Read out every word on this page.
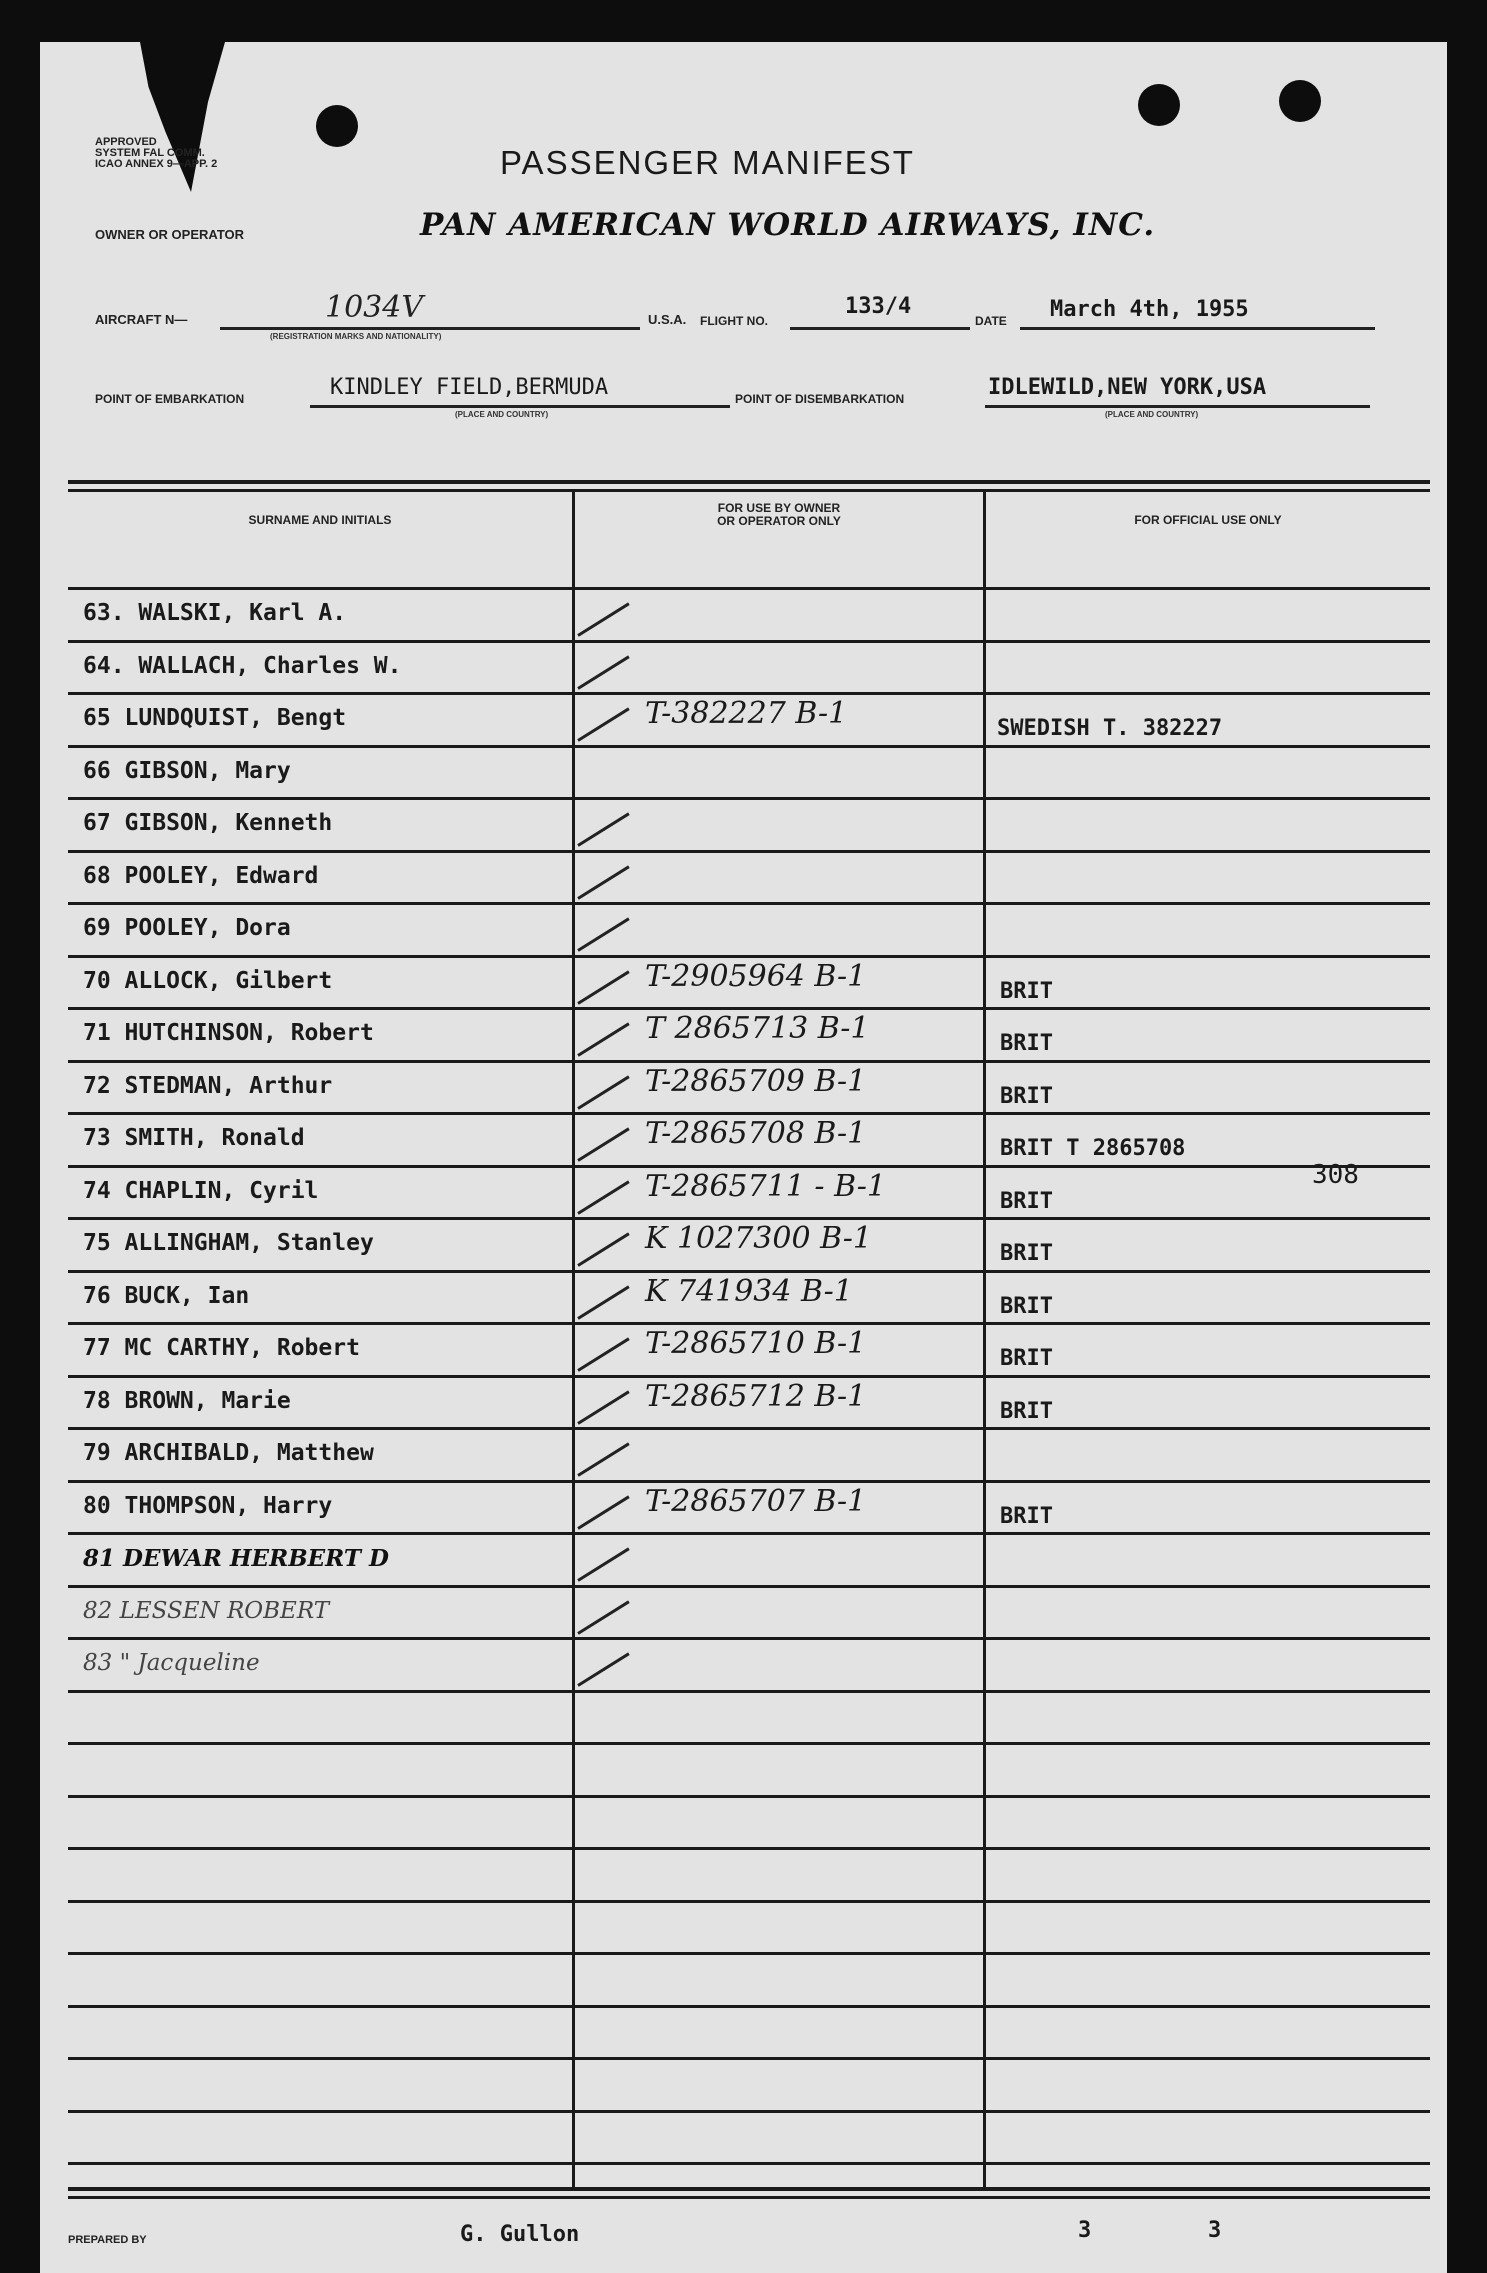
APPROVED
SYSTEM FAL COMM.
ICAO ANNEX 9—APP. 2	PASSENGER MANIFEST
OWNER OR OPERATOR	PAN AMERICAN WORLD AIRWAYS, INC.
AIRCRAFT N—	1034V
(REGISTRATION MARKS AND NATIONALITY)
U.S.A. FLIGHT NO.
133/4
DATE March 4th, 1955
POINT OF EMBARKATION	KINDLEY FIELD,BERMUDA
(PLACE AND COUNTRY)
POINT OF DISEMBARKATION	IDLEWILD,NEW YORK,USA
(PLACE AND COUNTRY)
SURNAME AND INITIALS
FOR USE BY OWNER
OR OPERATOR ONLY	FOR OFFICIAL USE ONLY
63. WALSKI, Karl A.
64. WALLACH, Charles W.
65 LUNDQUIST, Bengt	T-382227 B-1	SWEDISH T. 382227
66 GIBSON, Mary
67 GIBSON, Kenneth
68 POOLEY, Edward
69 POOLEY, Dora
70 ALLOCK, Gilbert	T-2905964 B-1	BRIT
71 HUTCHINSON, Robert	T 2865713 B-1	BRIT
72 STEDMAN, Arthur	T-2865709 B-1	BRIT
73 SMITH, Ronald	T-2865708 B-1	BRIT T 2865708
74 CHAPLIN, Cyril	T-2865711 - B-1	BRIT
75 ALLINGHAM, Stanley	K 1027300 B-1	BRIT
76 BUCK, Ian	K 741934 B-1	BRIT
77 MC CARTHY, Robert	T-2865710 B-1	BRIT
78 BROWN, Marie	T-2865712 B-1	BRIT
79 ARCHIBALD, Matthew
80 THOMPSON, Harry	T-2865707 B-1	BRIT
81 DEWAR HERBERT D
82 LESSEN ROBERT
83 " Jacqueline
308
PREPARED BY	G. Gullon	3	3
